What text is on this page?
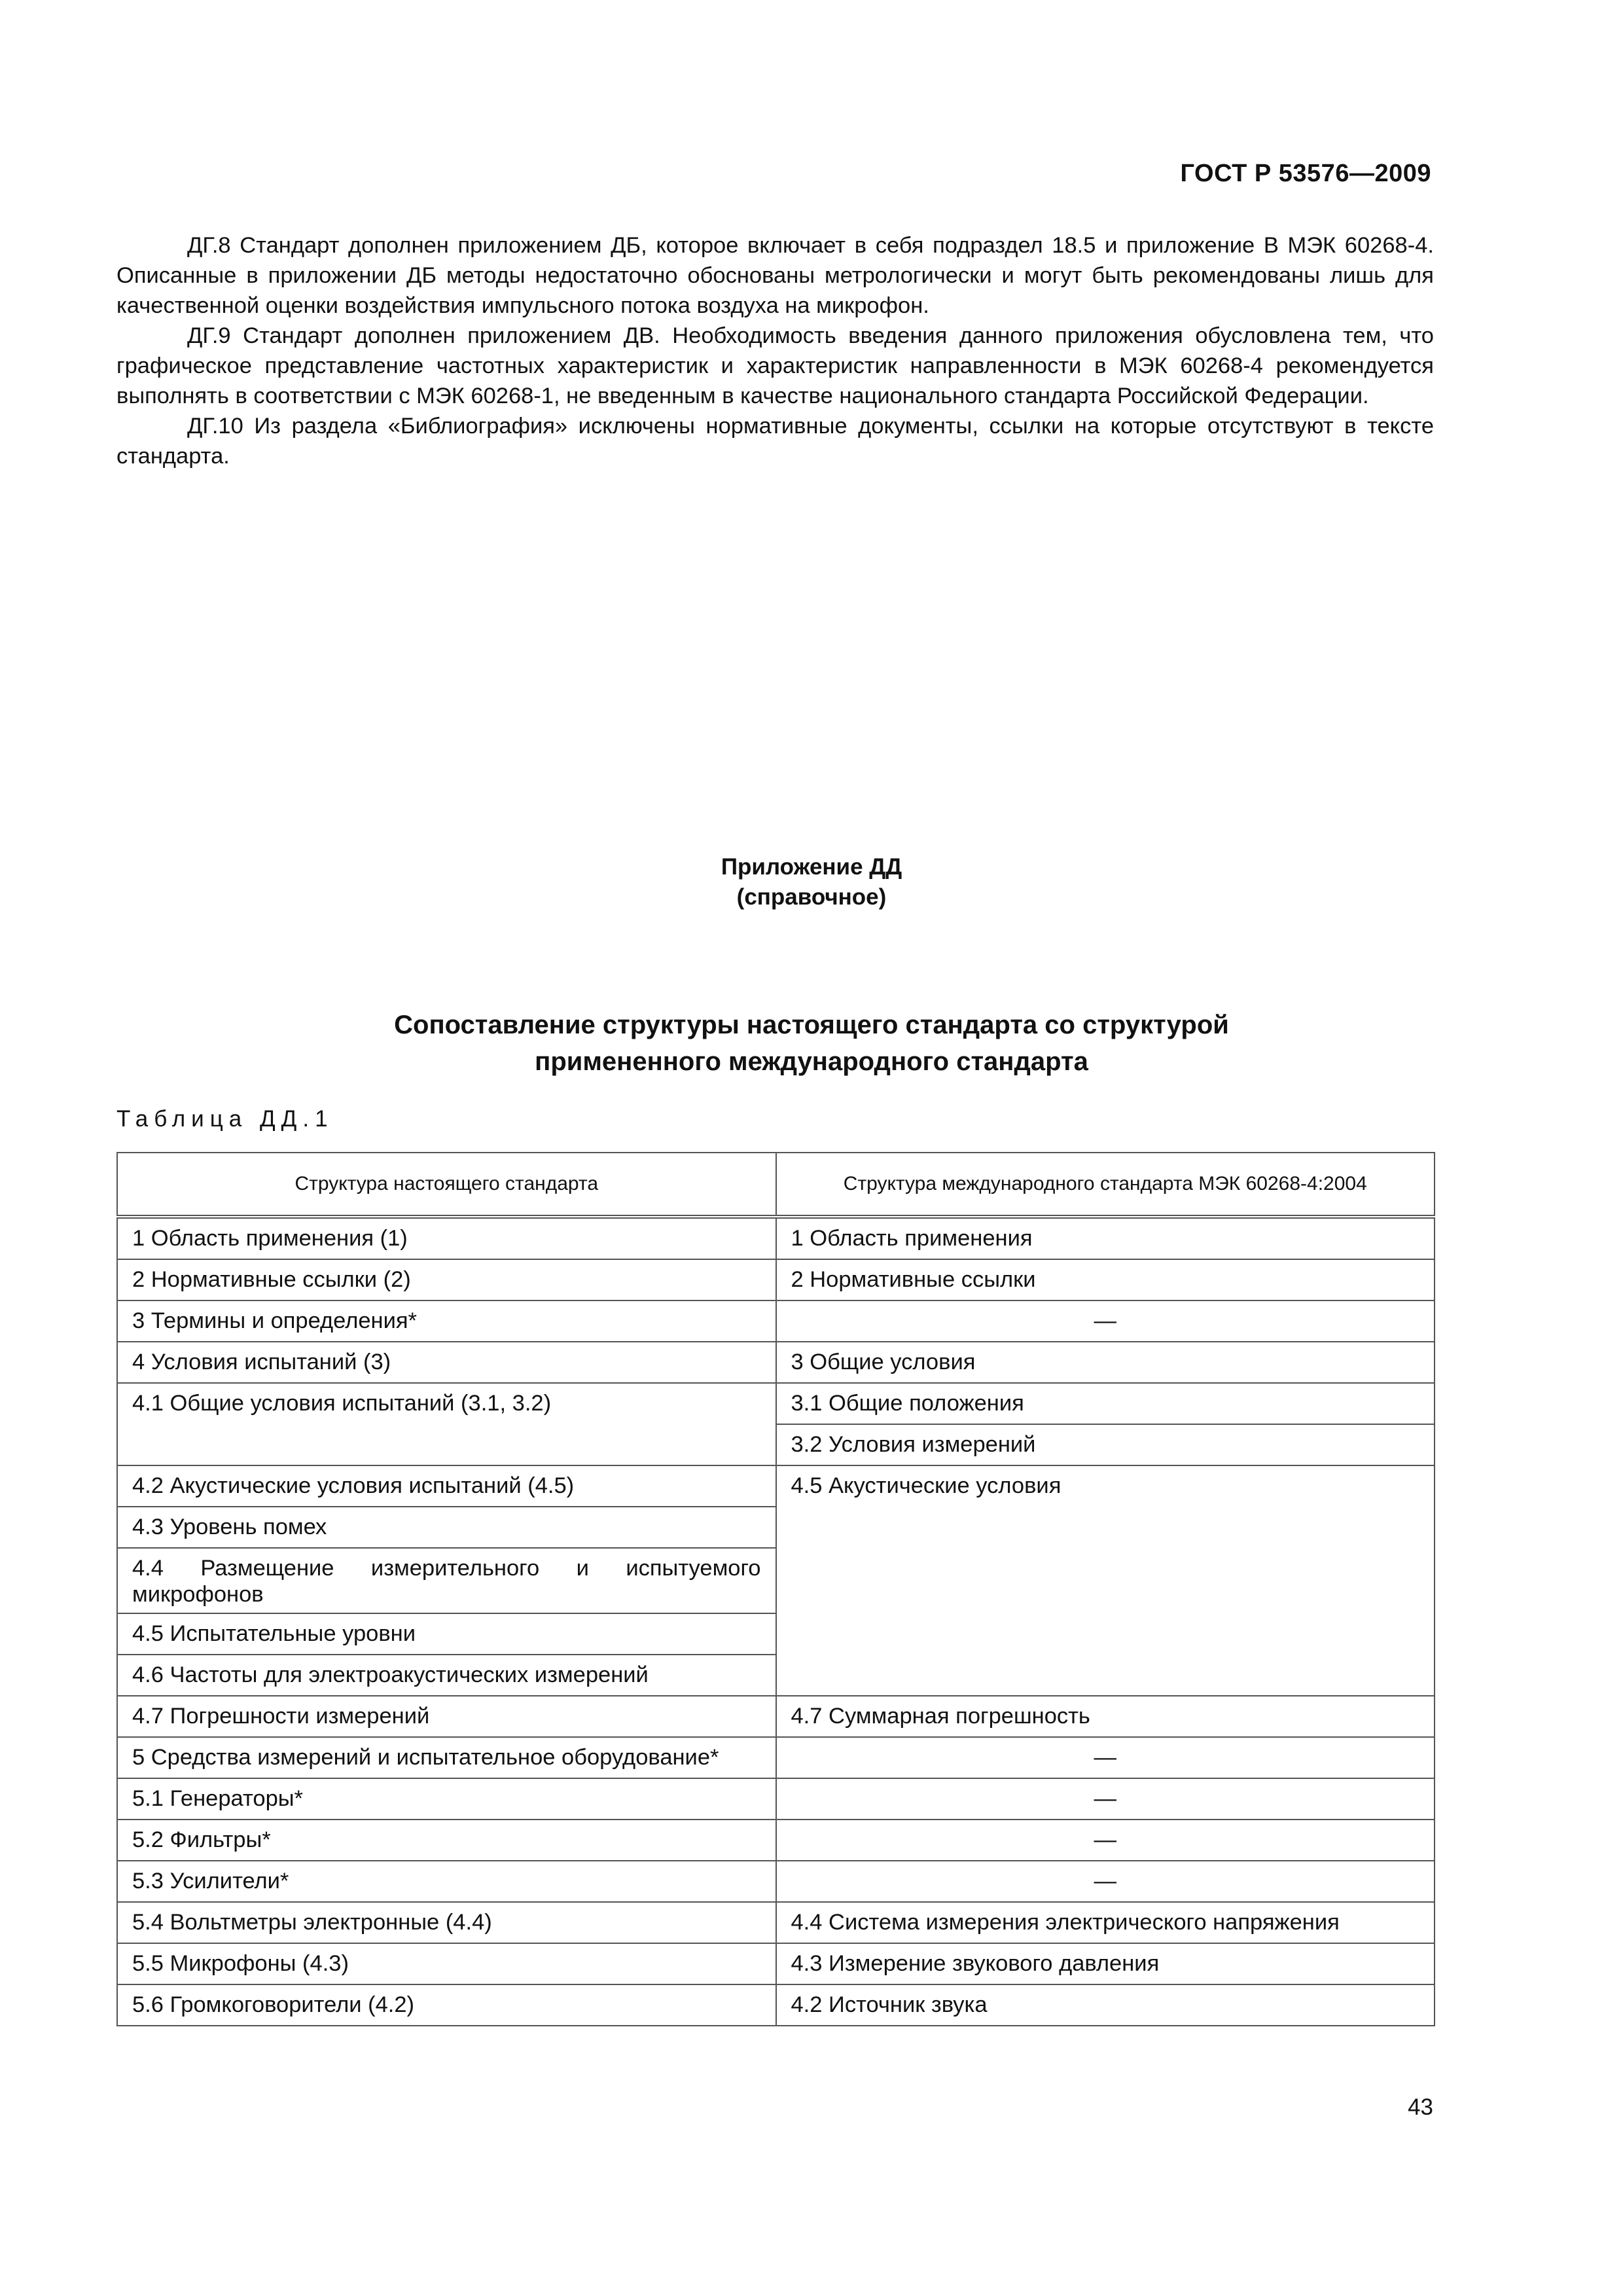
ГОСТ Р 53576—2009

ДГ.8 Стандарт дополнен приложением ДБ, которое включает в себя подраздел 18.5 и приложение В МЭК 60268-4. Описанные в приложении ДБ методы недостаточно обоснованы метрологически и могут быть рекомендованы лишь для качественной оценки воздействия импульсного потока воздуха на микрофон.

ДГ.9 Стандарт дополнен приложением ДВ. Необходимость введения данного приложения обусловлена тем, что графическое представление частотных характеристик и характеристик направленности в МЭК 60268-4 рекомендуется выполнять в соответствии с МЭК 60268-1, не введенным в качестве национального стандарта Российской Федерации.

ДГ.10 Из раздела «Библиография» исключены нормативные документы, ссылки на которые отсутствуют в тексте стандарта.

Приложение ДД
(справочное)
Сопоставление структуры настоящего стандарта со структурой
примененного международного стандарта
Таблица ДД.1
Структура настоящего стандарта	Структура международного стандарта МЭК 60268-4:2004
1 Область применения (1)	1 Область применения
2 Нормативные ссылки (2)	2 Нормативные ссылки
3 Термины и определения*	—
4 Условия испытаний (3)	3 Общие условия
4.1 Общие условия испытаний (3.1, 3.2)	3.1 Общие положения
	3.2 Условия измерений
4.2 Акустические условия испытаний (4.5)	4.5 Акустические условия
4.3 Уровень помех	
4.4 Размещение измерительного и испытуемого микрофонов	
4.5 Испытательные уровни	
4.6 Частоты для электроакустических измерений	
4.7 Погрешности измерений	4.7 Суммарная погрешность
5 Средства измерений и испытательное оборудование*	—
5.1 Генераторы*	—
5.2 Фильтры*	—
5.3 Усилители*	—
5.4 Вольтметры электронные (4.4)	4.4 Система измерения электрического напряжения
5.5 Микрофоны (4.3)	4.3 Измерение звукового давления
5.6 Громкоговорители (4.2)	4.2 Источник звука
43
